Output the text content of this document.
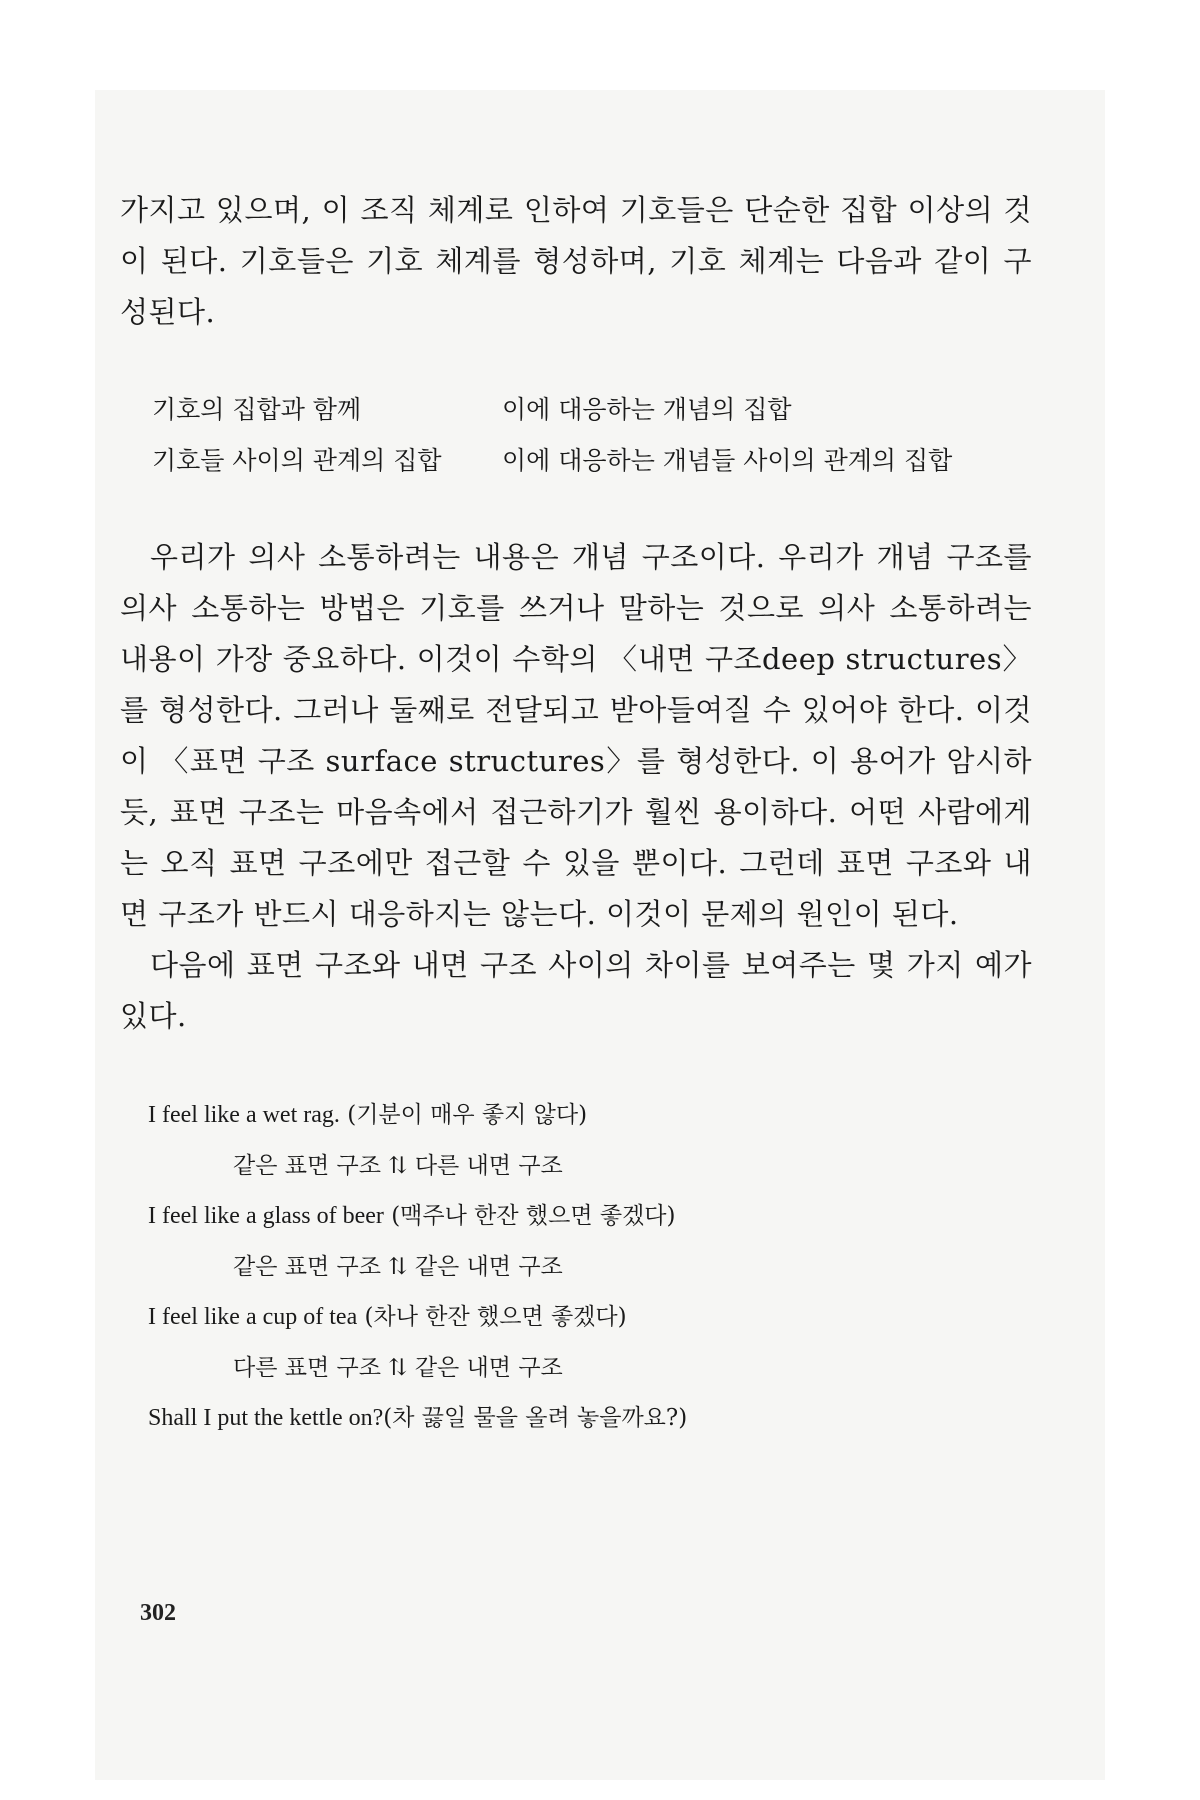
가지고 있으며, 이 조직 체계로 인하여 기호들은 단순한 집합 이상의 것이 된다. 기호들은 기호 체계를 형성하며, 기호 체계는 다음과 같이 구성된다.

기호의 집합과 함께	이에 대응하는 개념의 집합
기호들 사이의 관계의 집합	이에 대응하는 개념들 사이의 관계의 집합

우리가 의사 소통하려는 내용은 개념 구조이다. 우리가 개념 구조를 의사 소통하는 방법은 기호를 쓰거나 말하는 것으로 의사 소통하려는 내용이 가장 중요하다. 이것이 수학의 〈내면 구조deep structures〉를 형성한다. 그러나 둘째로 전달되고 받아들여질 수 있어야 한다. 이것이 〈표면 구조 surface structures〉를 형성한다. 이 용어가 암시하듯, 표면 구조는 마음속에서 접근하기가 훨씬 용이하다. 어떤 사람에게는 오직 표면 구조에만 접근할 수 있을 뿐이다. 그런데 표면 구조와 내면 구조가 반드시 대응하지는 않는다. 이것이 문제의 원인이 된다.

다음에 표면 구조와 내면 구조 사이의 차이를 보여주는 몇 가지 예가 있다.

I feel like a wet rag. (기분이 매우 좋지 않다)
같은 표면 구조 ⇅ 다른 내면 구조
I feel like a glass of beer (맥주나 한잔 했으면 좋겠다)
같은 표면 구조 ⇅ 같은 내면 구조
I feel like a cup of tea (차나 한잔 했으면 좋겠다)
다른 표면 구조 ⇅ 같은 내면 구조
Shall I put the kettle on?(차 끓일 물을 올려 놓을까요?)
302
